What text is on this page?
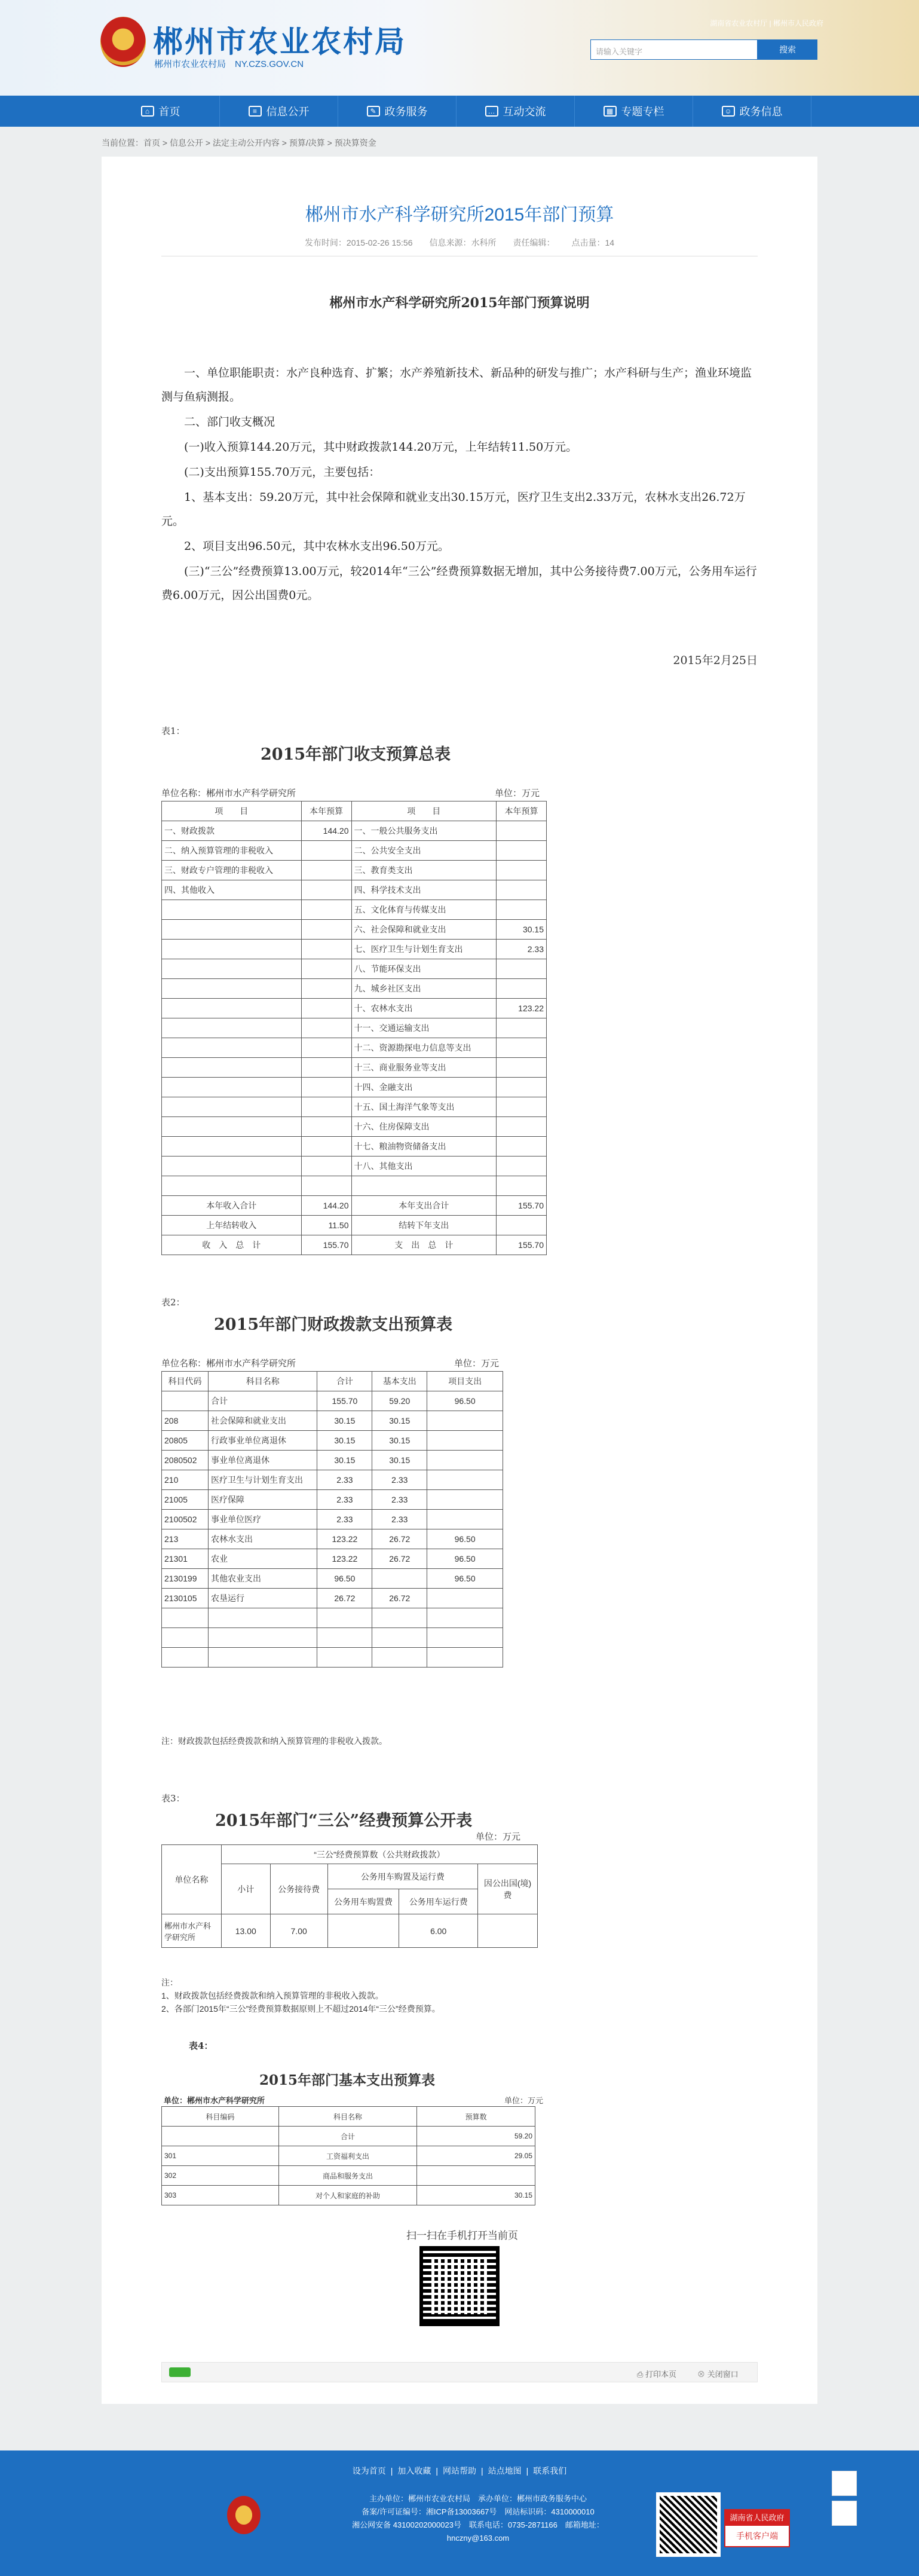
郴州市农业农村局
郴州市农业农村局　NY.CZS.GOV.CN
湖南省农业农村厅 | 郴州市人民政府
请输入关键字	搜索
⌂ 首页	≡ 信息公开	✎ 政务服务	… 互动交流	▦ 专题专栏	☺ 政务信息
当前位置：首页 > 信息公开 > 法定主动公开内容 > 预算/决算 > 预决算资金
郴州市水产科学研究所2015年部门预算
发布时间：2015-02-26 15:56 信息来源：水科所 责任编辑： 点击量：14
郴州市水产科学研究所2015年部门预算说明
　　一、单位职能职责：水产良种选育、扩繁；水产养殖新技术、新品种的研发与推广；水产科研与生产；渔业环境监测与鱼病测报。
　　二、部门收支概况
　　(一)收入预算144.20万元，其中财政拨款144.20万元，上年结转11.50万元。
　　(二)支出预算155.70万元，主要包括：
　　1、基本支出：59.20万元，其中社会保障和就业支出30.15万元，医疗卫生支出2.33万元，农林水支出26.72万元。
　　2、项目支出96.50元，其中农林水支出96.50万元。
　　(三)“三公”经费预算13.00万元，较2014年“三公”经费预算数据无增加，其中公务接待费7.00万元，公务用车运行费6.00万元，因公出国费0元。
2015年2月25日
表1：
2015年部门收支预算总表
单位名称：郴州市水产科学研究所	单位：万元
项　　目	本年预算	项　　目	本年预算
一、财政拨款	144.20	一、一般公共服务支出	
二、纳入预算管理的非税收入		二、公共安全支出	
三、财政专户管理的非税收入		三、教育类支出	
四、其他收入		四、科学技术支出	
		五、文化体育与传媒支出	
		六、社会保障和就业支出	30.15
		七、医疗卫生与计划生育支出	2.33
		八、节能环保支出	
		九、城乡社区支出	
		十、农林水支出	123.22
		十一、交通运输支出	
		十二、资源勘探电力信息等支出	
		十三、商业服务业等支出	
		十四、金融支出	
		十五、国土海洋气象等支出	
		十六、住房保障支出	
		十七、粮油物资储备支出	
		十八、其他支出	

本年收入合计	144.20	本年支出合计	155.70
上年结转收入	11.50	结转下年支出	
收　入　总　计	155.70	支　出　总　计	155.70
表2：
2015年部门财政拨款支出预算表
单位名称：郴州市水产科学研究所	单位：万元
科目代码	科目名称	合计	基本支出	项目支出
	合计	155.70	59.20	96.50
208	社会保障和就业支出	30.15	30.15	
20805	行政事业单位离退休	30.15	30.15	
2080502	事业单位离退休	30.15	30.15	
210	医疗卫生与计划生育支出	2.33	2.33	
21005	医疗保障	2.33	2.33	
2100502	事业单位医疗	2.33	2.33	
213	农林水支出	123.22	26.72	96.50
21301	农业	123.22	26.72	96.50
2130199	其他农业支出	96.50		96.50
2130105	农垦运行	26.72	26.72	

注：财政拨款包括经费拨款和纳入预算管理的非税收入拨款。
表3：
2015年部门“三公”经费预算公开表
单位：万元
单位名称	“三公”经费预算数（公共财政拨款）				
	小计	公务接待费	公务用车购置及运行费		因公出国(境)费
			公务用车购置费	公务用车运行费	
郴州市水产科学研究所	13.00	7.00		6.00	
注：
1、财政拨款包括经费拨款和纳入预算管理的非税收入拨款。
2、各部门2015年“三公”经费预算数据原则上不超过2014年“三公”经费预算。
表4：
2015年部门基本支出预算表
单位：郴州市水产科学研究所	单位：万元
科目编码	科目名称	预算数
	合计	59.20
301	工资福利支出	29.05
302	商品和服务支出	
303	对个人和家庭的补助	30.15
扫一扫在手机打开当前页
⎙ 打印本页	⊗ 关闭窗口
设为首页 | 加入收藏 | 网站帮助 | 站点地图 | 联系我们
主办单位：郴州市农业农村局　承办单位：郴州市政务服务中心
备案/许可证编号：湘ICP备13003667号　网站标识码：4310000010
湘公网安备 43100202000023号　联系电话：0735-2871166　邮箱地址：
hnczny@163.com
湖南省人民政府
手机客户端
